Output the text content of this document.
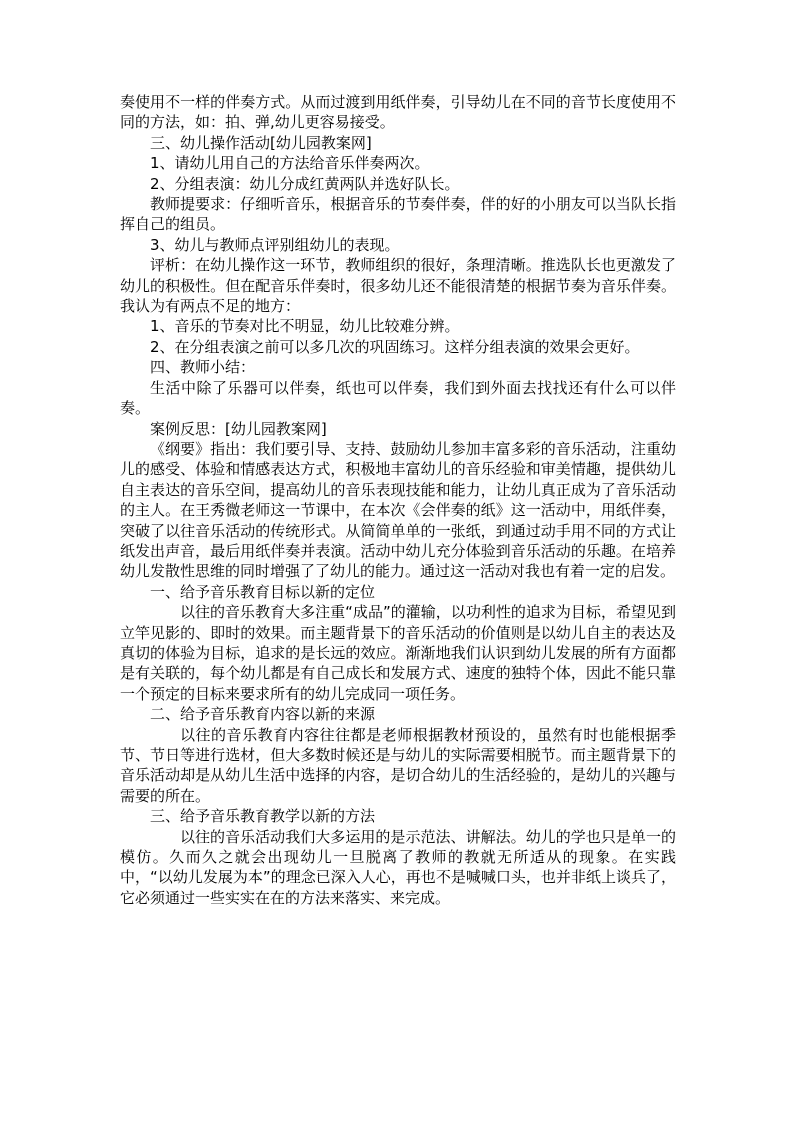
奏使用不一样的伴奏方式。从而过渡到用纸伴奏，引导幼儿在不同的音节长度使用不同的方法，如：拍、弹,幼儿更容易接受。

三、幼儿操作活动[幼儿园教案网]

1、请幼儿用自己的方法给音乐伴奏两次。

2、分组表演：幼儿分成红黄两队并选好队长。

教师提要求：仔细听音乐，根据音乐的节奏伴奏，伴的好的小朋友可以当队长指挥自己的组员。

3、幼儿与教师点评别组幼儿的表现。

评析：在幼儿操作这一环节，教师组织的很好，条理清晰。推选队长也更激发了幼儿的积极性。但在配音乐伴奏时，很多幼儿还不能很清楚的根据节奏为音乐伴奏。我认为有两点不足的地方：

1、音乐的节奏对比不明显，幼儿比较难分辨。

2、在分组表演之前可以多几次的巩固练习。这样分组表演的效果会更好。

四、教师小结：

生活中除了乐器可以伴奏，纸也可以伴奏，我们到外面去找找还有什么可以伴奏。

案例反思：[幼儿园教案网]

《纲要》指出：我们要引导、支持、鼓励幼儿参加丰富多彩的音乐活动，注重幼儿的感受、体验和情感表达方式，积极地丰富幼儿的音乐经验和审美情趣，提供幼儿自主表达的音乐空间，提高幼儿的音乐表现技能和能力，让幼儿真正成为了音乐活动的主人。在王秀微老师这一节课中，在本次《会伴奏的纸》这一活动中，用纸伴奏，突破了以往音乐活动的传统形式。从简简单单的一张纸，到通过动手用不同的方式让纸发出声音，最后用纸伴奏并表演。活动中幼儿充分体验到音乐活动的乐趣。在培养幼儿发散性思维的同时增强了了幼儿的能力。通过这一活动对我也有着一定的启发。

一、给予音乐教育目标以新的定位

以往的音乐教育大多注重“成品”的灌输，以功利性的追求为目标，希望见到立竿见影的、即时的效果。而主题背景下的音乐活动的价值则是以幼儿自主的表达及真切的体验为目标，追求的是长远的效应。渐渐地我们认识到幼儿发展的所有方面都是有关联的，每个幼儿都是有自己成长和发展方式、速度的独特个体，因此不能只靠一个预定的目标来要求所有的幼儿完成同一项任务。

二、给予音乐教育内容以新的来源

以往的音乐教育内容往往都是老师根据教材预设的，虽然有时也能根据季节、节日等进行选材，但大多数时候还是与幼儿的实际需要相脱节。而主题背景下的音乐活动却是从幼儿生活中选择的内容，是切合幼儿的生活经验的，是幼儿的兴趣与需要的所在。

三、给予音乐教育教学以新的方法

以往的音乐活动我们大多运用的是示范法、讲解法。幼儿的学也只是单一的模仿。久而久之就会出现幼儿一旦脱离了教师的教就无所适从的现象。在实践中，“以幼儿发展为本”的理念已深入人心，再也不是喊喊口头，也并非纸上谈兵了，它必须通过一些实实在在的方法来落实、来完成。
